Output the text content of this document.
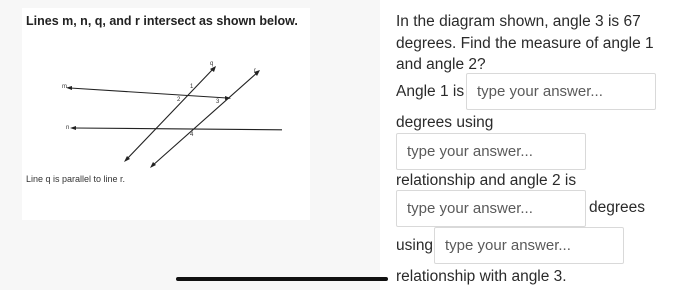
Lines m, n, q, and r intersect as shown below.
m
n
q
r
1
2	3
4
Line q is parallel to line r.
In the diagram shown, angle 3 is 67
degrees. Find the measure of angle 1
and angle 2?
Angle 1 is type your answer...
degrees using
type your answer...
relationship and angle 2 is
type your answer...	degrees
using type your answer...
relationship with angle 3.
